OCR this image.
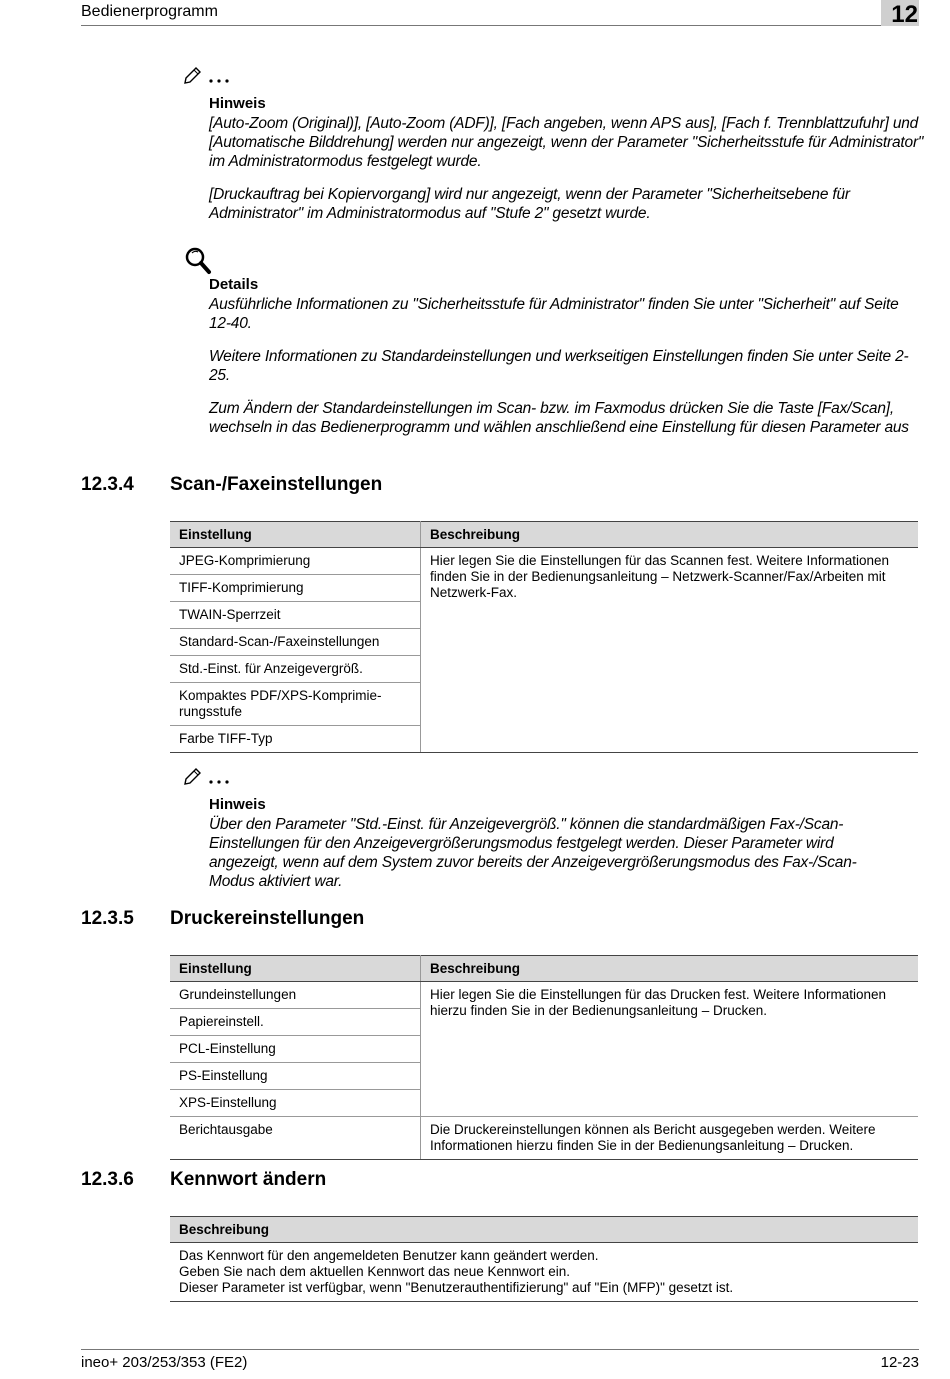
Bedienerprogramm	12
Hinweis
[Auto-Zoom (Original)], [Auto-Zoom (ADF)], [Fach angeben, wenn APS aus], [Fach f. Trennblattzufuhr] und [Automatische Bilddrehung] werden nur angezeigt, wenn der Parameter "Sicherheitsstufe für Administrator" im Administratormodus festgelegt wurde.
[Druckauftrag bei Kopiervorgang] wird nur angezeigt, wenn der Parameter "Sicherheitsebene für Administrator" im Administratormodus auf "Stufe 2" gesetzt wurde.
Details
Ausführliche Informationen zu "Sicherheitsstufe für Administrator" finden Sie unter "Sicherheit" auf Seite 12-40.
Weitere Informationen zu Standardeinstellungen und werkseitigen Einstellungen finden Sie unter Seite 2-25.
Zum Ändern der Standardeinstellungen im Scan- bzw. im Faxmodus drücken Sie die Taste [Fax/Scan], wechseln in das Bedienerprogramm und wählen anschließend eine Einstellung für diesen Parameter aus
12.3.4 Scan-/Faxeinstellungen
Einstellung	Beschreibung
JPEG-Komprimierung	Hier legen Sie die Einstellungen für das Scannen fest. Weitere Informationen finden Sie in der Bedienungsanleitung – Netzwerk-Scanner/Fax/Arbeiten mit Netzwerk-Fax.
TIFF-Komprimierung	
TWAIN-Sperrzeit	
Standard-Scan-/Faxeinstellungen	
Std.-Einst. für Anzeigevergröß.	
Kompaktes PDF/XPS-Komprimie-rungsstufe	
Farbe TIFF-Typ	
Hinweis
Über den Parameter "Std.-Einst. für Anzeigevergröß." können die standardmäßigen Fax-/Scan-Einstellungen für den Anzeigevergrößerungsmodus festgelegt werden. Dieser Parameter wird angezeigt, wenn auf dem System zuvor bereits der Anzeigevergrößerungsmodus des Fax-/Scan-Modus aktiviert war.
12.3.5 Druckereinstellungen
Einstellung	Beschreibung
Grundeinstellungen	Hier legen Sie die Einstellungen für das Drucken fest. Weitere Informationen hierzu finden Sie in der Bedienungsanleitung – Drucken.
Papiereinstell.	
PCL-Einstellung	
PS-Einstellung	
XPS-Einstellung	
Berichtausgabe	Die Druckereinstellungen können als Bericht ausgegeben werden. Weitere Informationen hierzu finden Sie in der Bedienungsanleitung – Drucken.
12.3.6 Kennwort ändern
Beschreibung

Das Kennwort für den angemeldeten Benutzer kann geändert werden.
Geben Sie nach dem aktuellen Kennwort das neue Kennwort ein.
Dieser Parameter ist verfügbar, wenn "Benutzerauthentifizierung" auf "Ein (MFP)" gesetzt ist.
ineo+ 203/253/353 (FE2)	12-23
